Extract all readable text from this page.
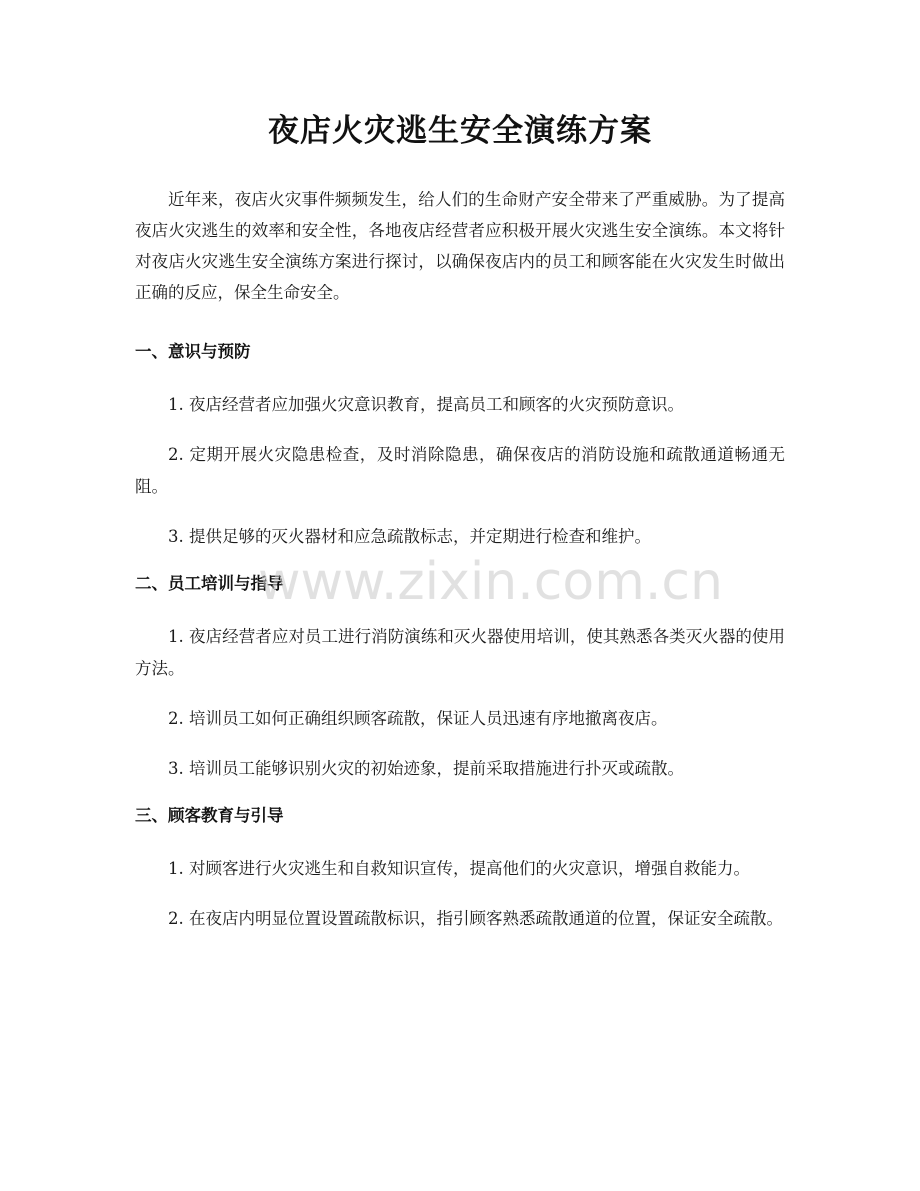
夜店火灾逃生安全演练方案

近年来，夜店火灾事件频频发生，给人们的生命财产安全带来了严重威胁。为了提高夜店火灾逃生的效率和安全性，各地夜店经营者应积极开展火灾逃生安全演练。本文将针对夜店火灾逃生安全演练方案进行探讨，以确保夜店内的员工和顾客能在火灾发生时做出正确的反应，保全生命安全。

一、意识与预防

1. 夜店经营者应加强火灾意识教育，提高员工和顾客的火灾预防意识。

2. 定期开展火灾隐患检查，及时消除隐患，确保夜店的消防设施和疏散通道畅通无阻。

3. 提供足够的灭火器材和应急疏散标志，并定期进行检查和维护。

二、员工培训与指导

1. 夜店经营者应对员工进行消防演练和灭火器使用培训，使其熟悉各类灭火器的使用方法。

2. 培训员工如何正确组织顾客疏散，保证人员迅速有序地撤离夜店。

3. 培训员工能够识别火灾的初始迹象，提前采取措施进行扑灭或疏散。

三、顾客教育与引导

1. 对顾客进行火灾逃生和自救知识宣传，提高他们的火灾意识，增强自救能力。

2. 在夜店内明显位置设置疏散标识，指引顾客熟悉疏散通道的位置，保证安全疏散。

www.zixin.com.cn
